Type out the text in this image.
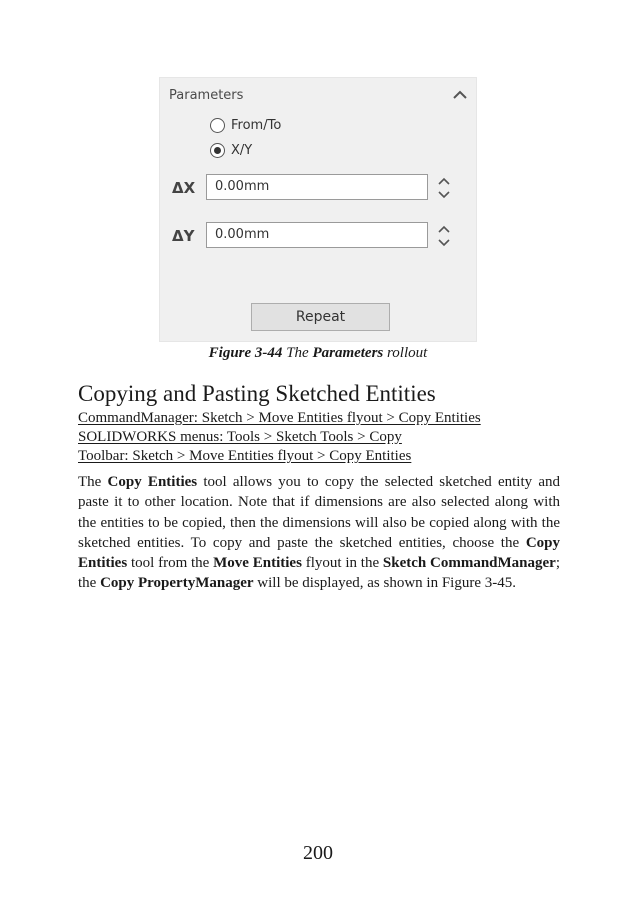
Parameters
From/To
X/Y
ΔX	0.00mm
ΔY	0.00mm
Repeat
Figure 3-44 The Parameters rollout
Copying and Pasting Sketched Entities
CommandManager: Sketch > Move Entities flyout > Copy Entities
SOLIDWORKS menus: Tools > Sketch Tools > Copy
Toolbar: Sketch > Move Entities flyout > Copy Entities

The Copy Entities tool allows you to copy the selected sketched entity and paste it to other location. Note that if dimensions are also selected along with the entities to be copied, then the dimensions will also be copied along with the sketched entities. To copy and paste the sketched entities, choose the Copy Entities tool from the Move Entities flyout in the Sketch CommandManager; the Copy PropertyManager will be displayed, as shown in Figure 3-45.

200
